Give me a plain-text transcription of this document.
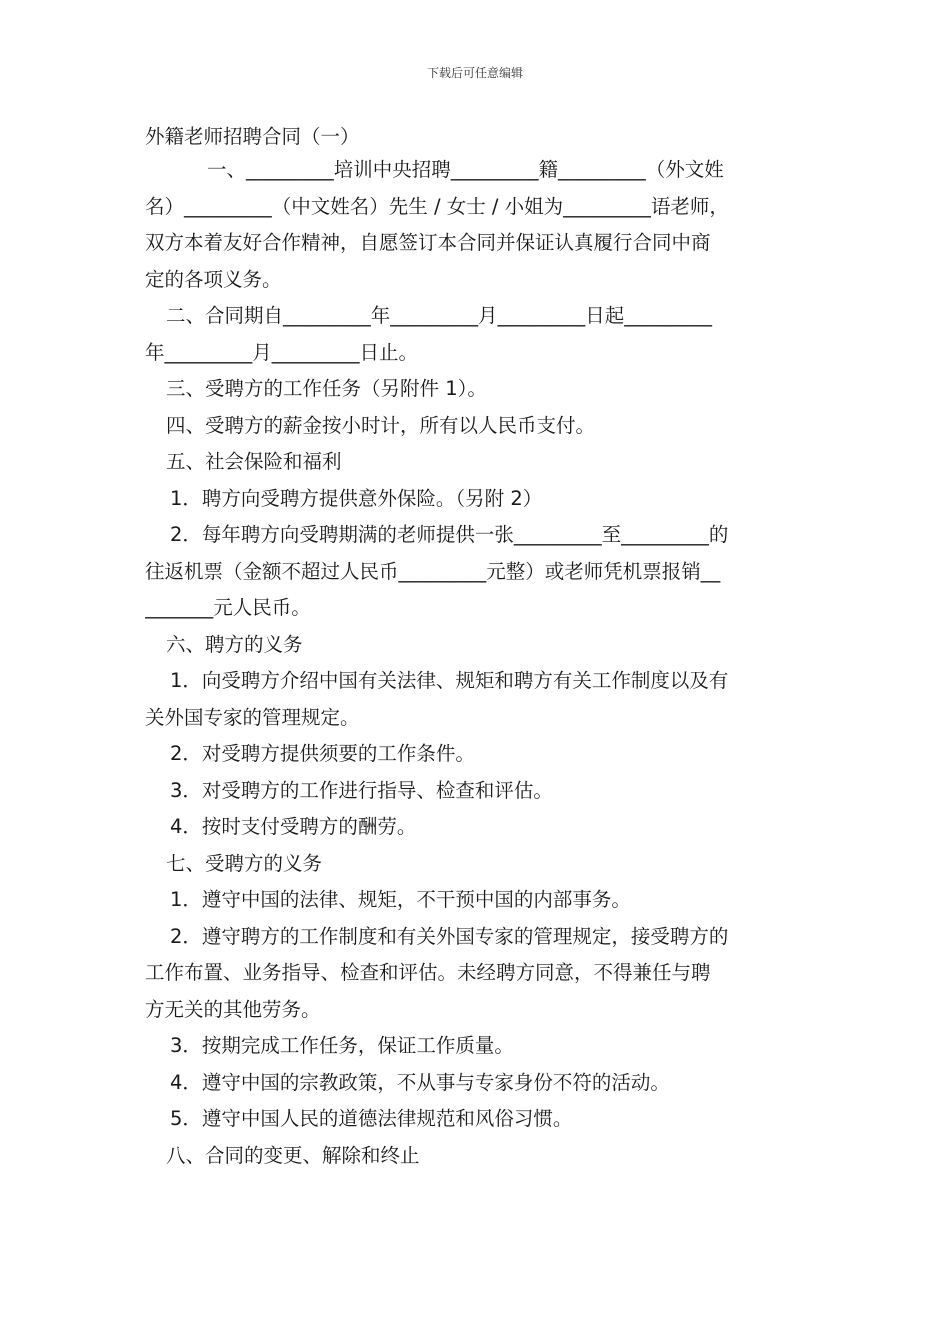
下载后可任意编辑
外籍老师招聘合同（一）
一、_________培训中央招聘_________籍_________（外文姓
名）_________（中文姓名）先生 / 女士 / 小姐为_________语老师，
双方本着友好合作精神，自愿签订本合同并保证认真履行合同中商
定的各项义务。
二、合同期自_________年_________月_________日起_________
年_________月_________日止。
三、受聘方的工作任务（另附件 1）。
四、受聘方的薪金按小时计，所有以人民币支付。
五、社会保险和福利
1．聘方向受聘方提供意外保险。（另附 2）
2．每年聘方向受聘期满的老师提供一张_________至_________的
往返机票（金额不超过人民币_________元整）或老师凭机票报销__
_______元人民币。
六、聘方的义务
1．向受聘方介绍中国有关法律、规矩和聘方有关工作制度以及有
关外国专家的管理规定。
2．对受聘方提供须要的工作条件。
3．对受聘方的工作进行指导、检查和评估。
4．按时支付受聘方的酬劳。
七、受聘方的义务
1．遵守中国的法律、规矩，不干预中国的内部事务。
2．遵守聘方的工作制度和有关外国专家的管理规定，接受聘方的
工作布置、业务指导、检查和评估。未经聘方同意，不得兼任与聘
方无关的其他劳务。
3．按期完成工作任务，保证工作质量。
4．遵守中国的宗教政策，不从事与专家身份不符的活动。
5．遵守中国人民的道德法律规范和风俗习惯。
八、合同的变更、解除和终止
